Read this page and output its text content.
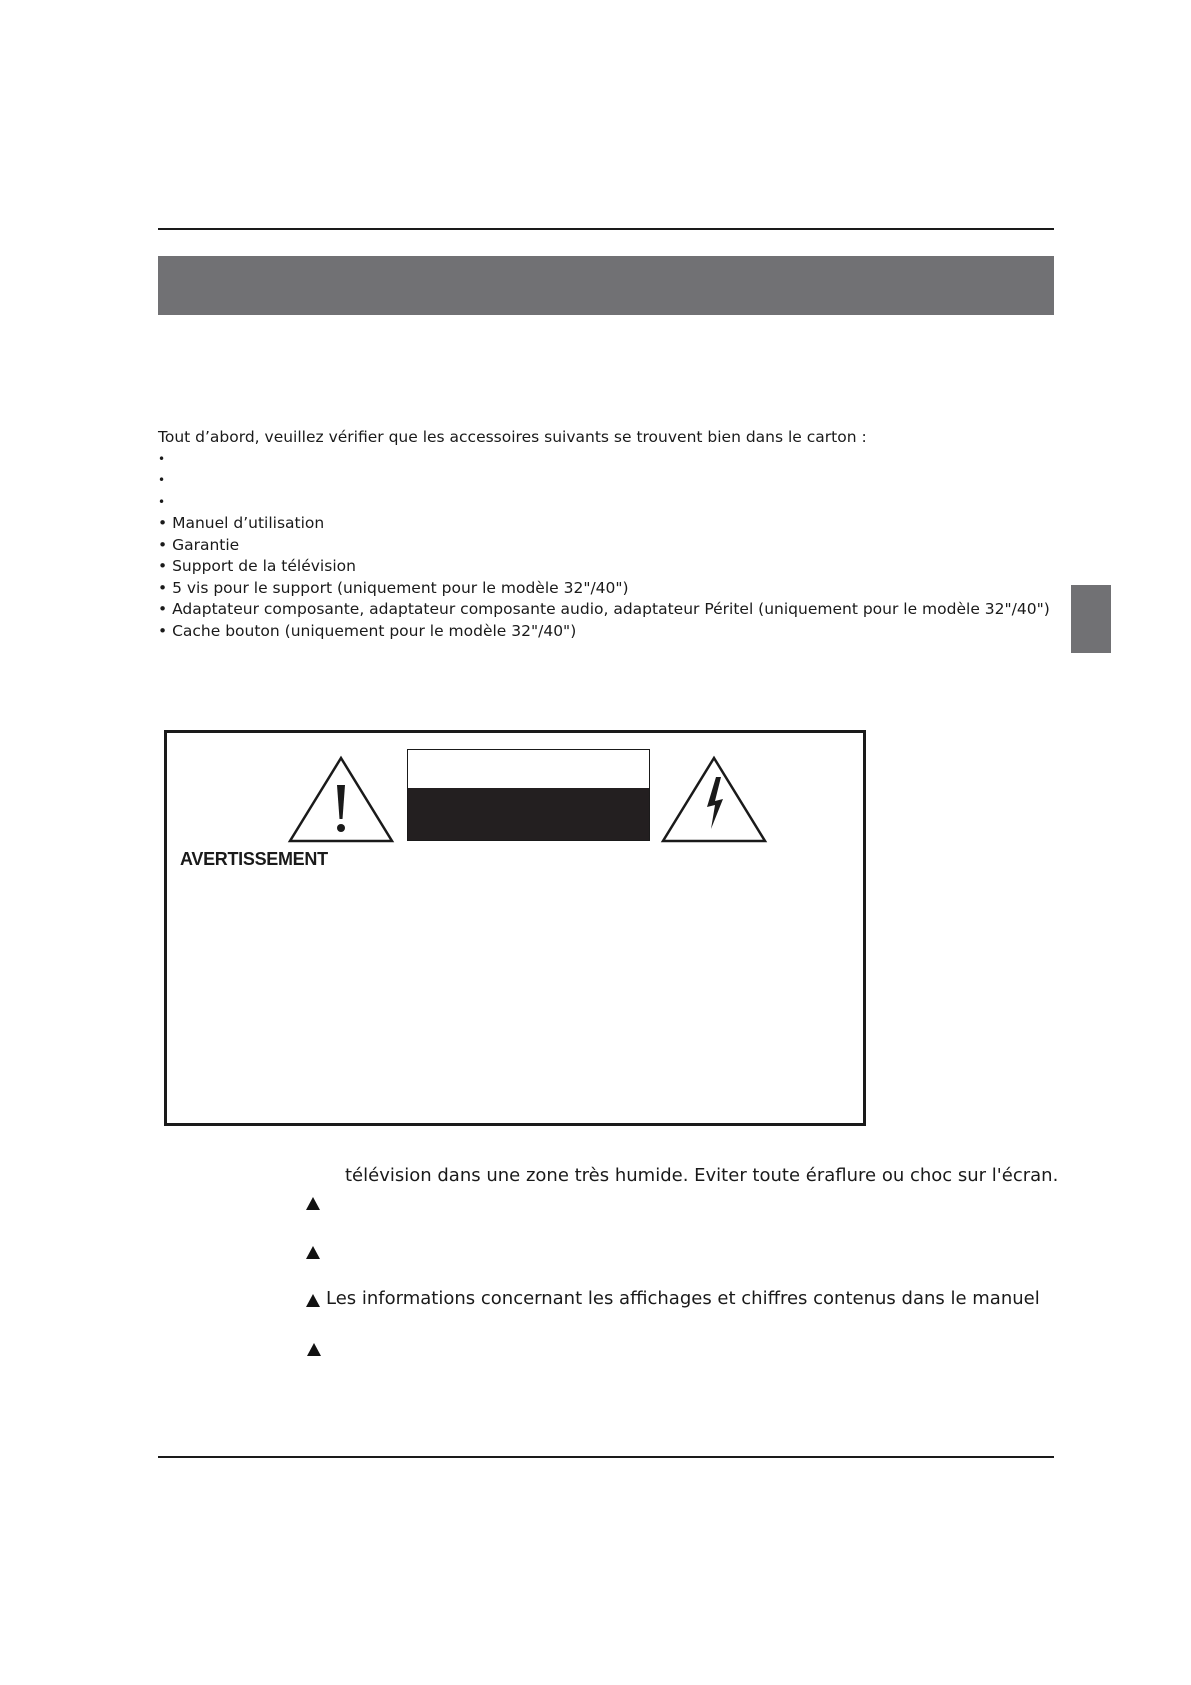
Tout d’abord, veuillez vérifier que les accessoires suivants se trouvent bien dans le carton :
•
•
•
• Manuel d’utilisation
• Garantie
• Support de la télévision
• 5 vis pour le support (uniquement pour le modèle 32"/40")
• Adaptateur composante, adaptateur composante audio, adaptateur Péritel (uniquement pour le modèle 32"/40")
• Cache bouton (uniquement pour le modèle 32"/40")
AVERTISSEMENT
télévision dans une zone très humide. Eviter toute éraflure ou choc sur l'écran.
Les informations concernant les affichages et chiffres contenus dans le manuel
